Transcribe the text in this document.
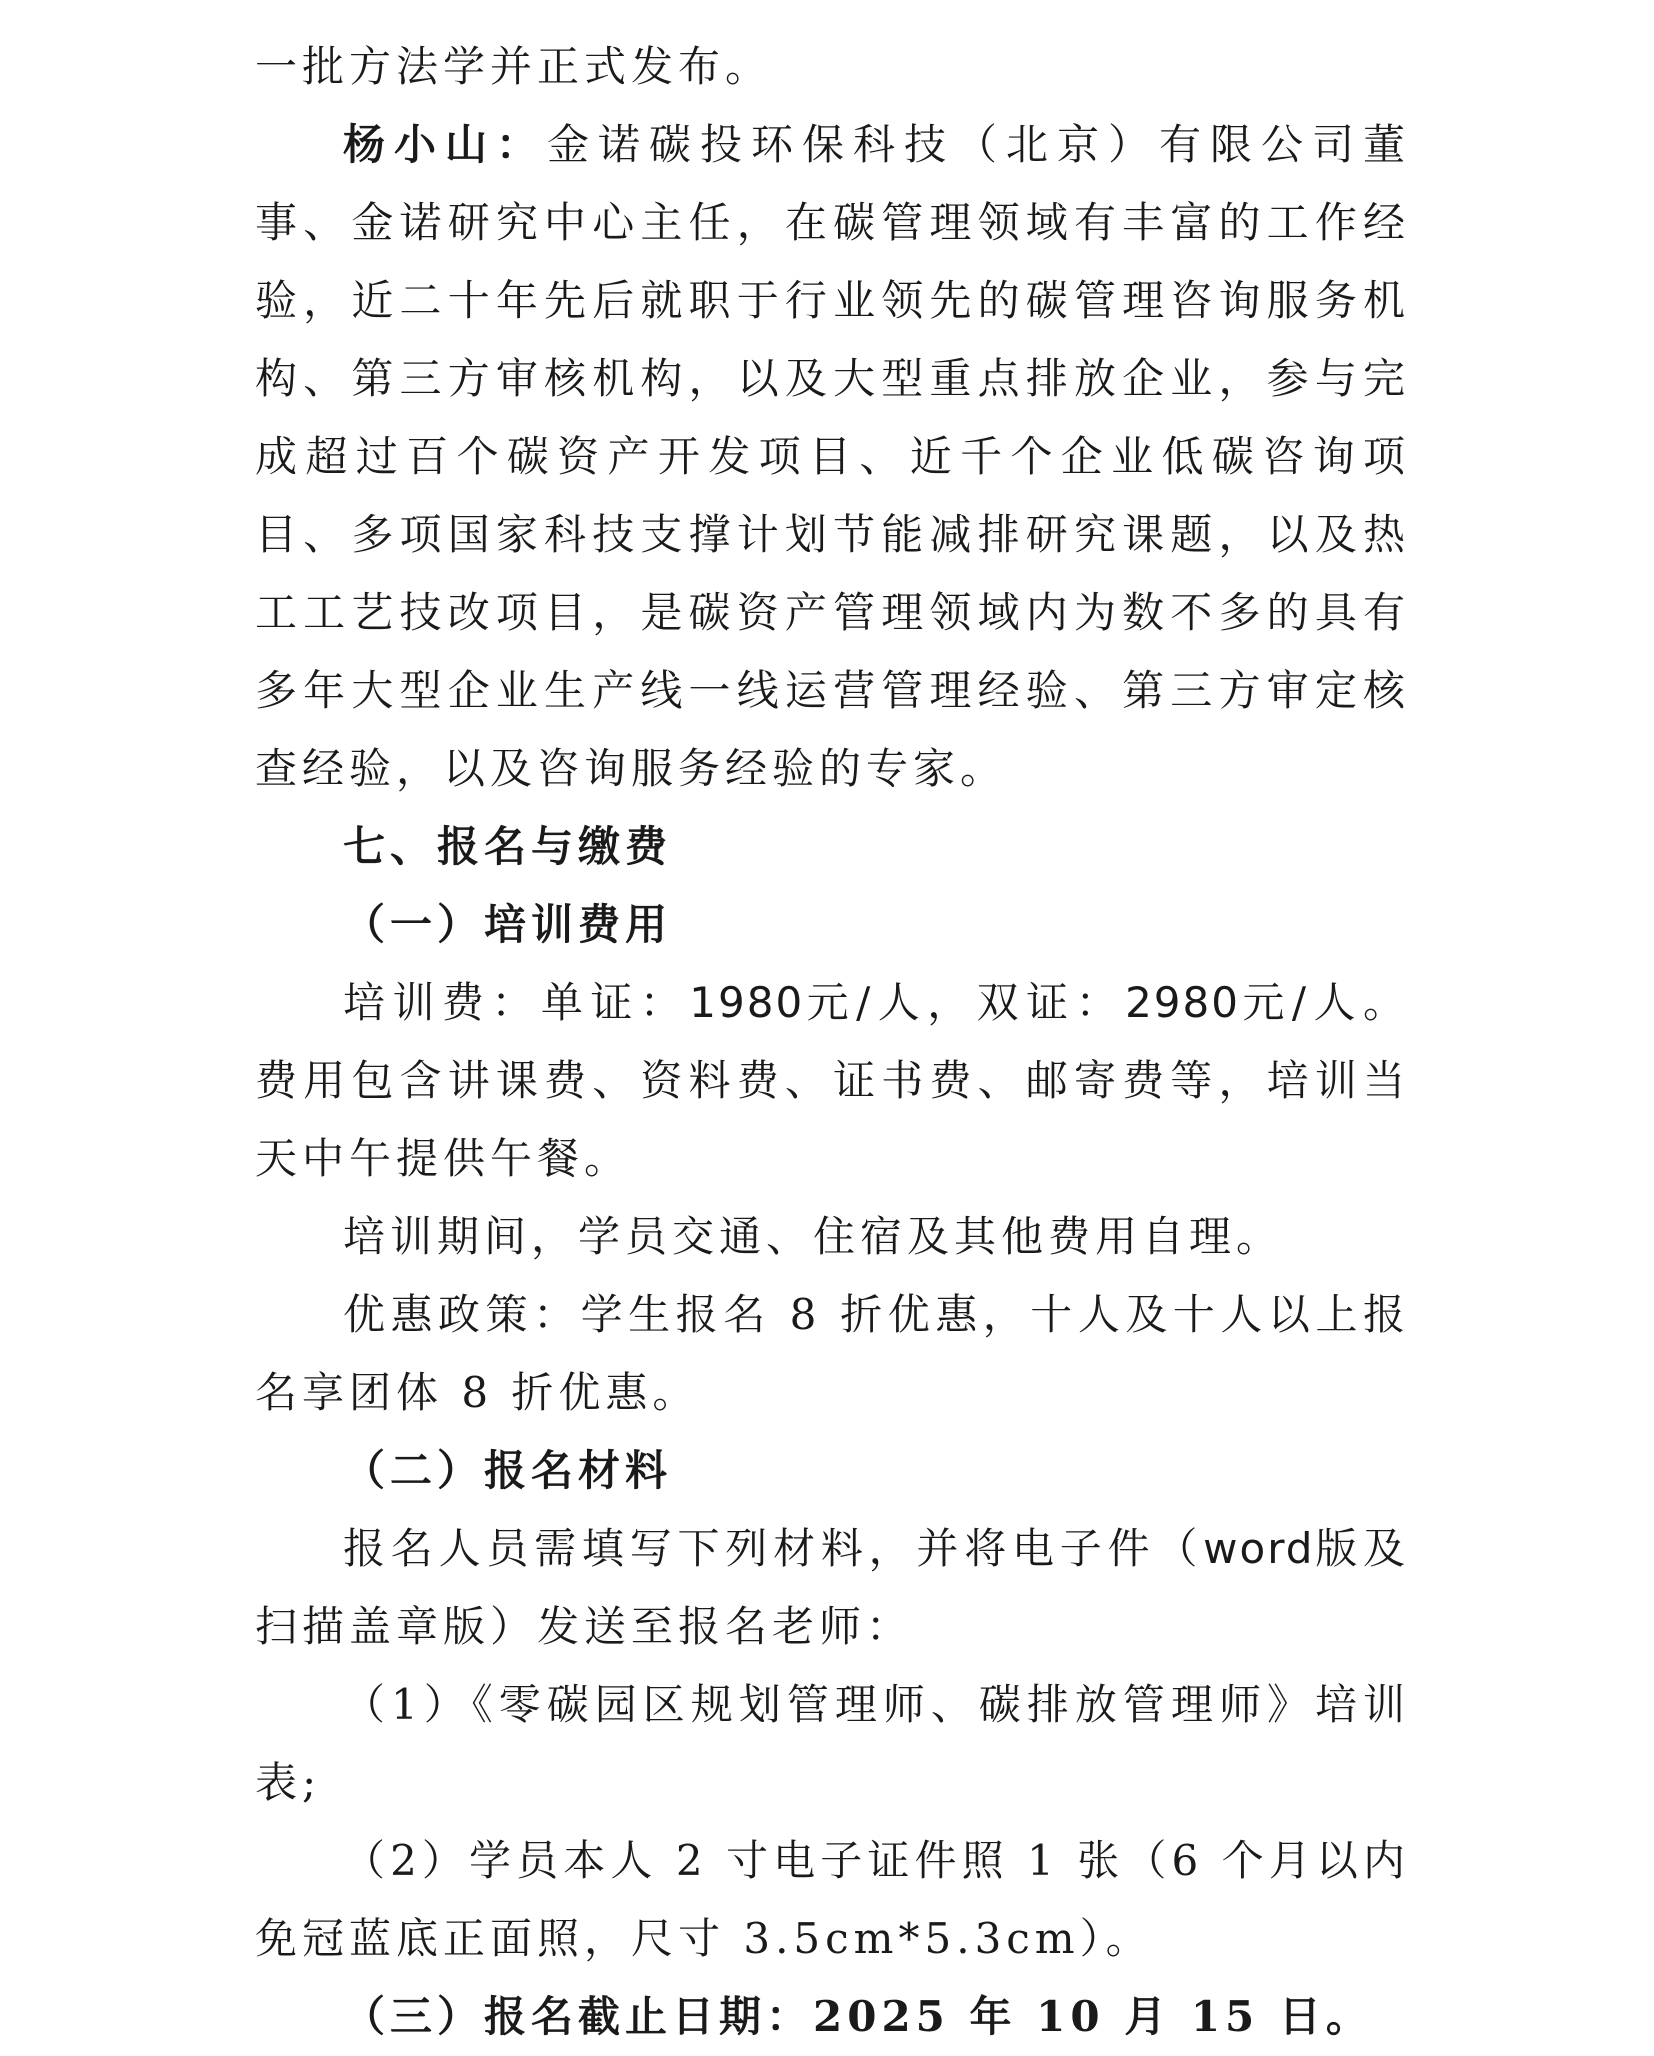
一批方法学并正式发布。

杨小山：金诺碳投环保科技（北京）有限公司董事、金诺研究中心主任，在碳管理领域有丰富的工作经验，近二十年先后就职于行业领先的碳管理咨询服务机构、第三方审核机构，以及大型重点排放企业，参与完成超过百个碳资产开发项目、近千个企业低碳咨询项目、多项国家科技支撑计划节能减排研究课题，以及热工工艺技改项目，是碳资产管理领域内为数不多的具有多年大型企业生产线一线运营管理经验、第三方审定核查经验，以及咨询服务经验的专家。

七、报名与缴费

（一）培训费用

培训费：单证：1980元/人，双证：2980元/人。费用包含讲课费、资料费、证书费、邮寄费等，培训当天中午提供午餐。

培训期间，学员交通、住宿及其他费用自理。

优惠政策：学生报名 8 折优惠，十人及十人以上报名享团体 8 折优惠。

（二）报名材料

报名人员需填写下列材料，并将电子件（word版及扫描盖章版）发送至报名老师：

（1）《零碳园区规划管理师、碳排放管理师》培训表;

（2）学员本人 2 寸电子证件照 1 张（6 个月以内免冠蓝底正面照，尺寸 3.5cm*5.3cm）。

（三）报名截止日期：2025 年 10 月 15 日。
